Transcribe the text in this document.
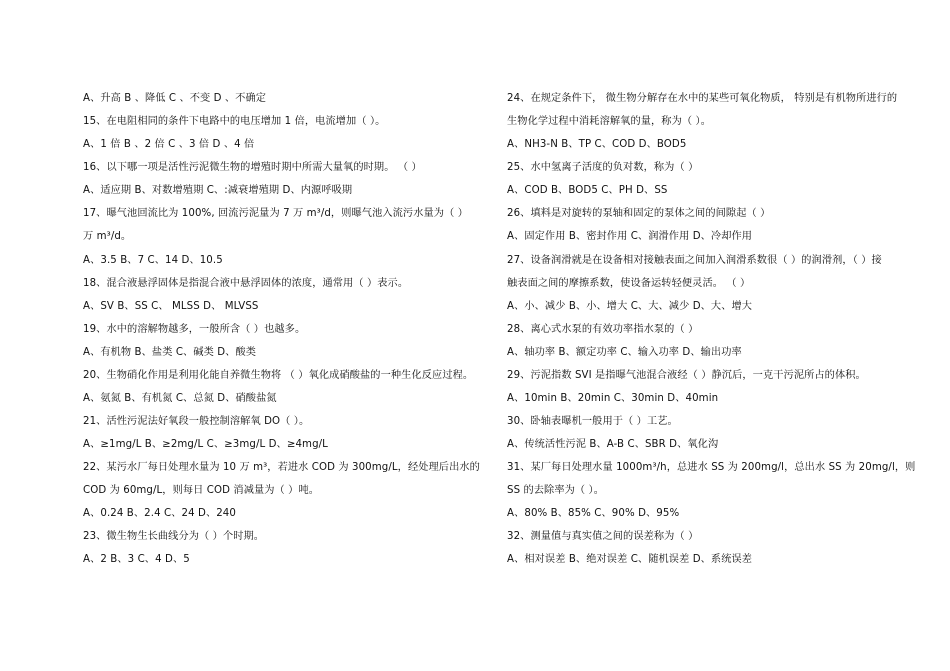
A、升高 B 、降低 C 、不变 D 、不确定
15、在电阻相同的条件下电路中的电压增加 1 倍，电流增加（ ）。
A、1 倍 B 、2 倍 C 、3 倍 D 、4 倍
16、以下哪一项是活性污泥微生物的增殖时期中所需大量氧的时期。 （ ）
A、适应期 B、对数增殖期 C、:减衰增殖期 D、内源呼吸期
17、曝气池回流比为 100%, 回流污泥量为 7 万 m³/d，则曝气池入流污水量为（ ）
万 m³/d。
A、3.5 B、7 C、14 D、10.5
18、混合液悬浮固体是指混合液中悬浮固体的浓度，通常用（ ）表示。
A、SV B、SS C、 MLSS D、 MLVSS
19、水中的溶解物越多，一般所含（ ）也越多。
A、有机物 B、盐类 C、碱类 D、酸类
20、生物硝化作用是利用化能自养微生物将 （ ）氧化成硝酸盐的一种生化反应过程。
A、氨氮 B、有机氮 C、总氮 D、硝酸盐氮
21、活性污泥法好氧段一般控制溶解氧 DO（ ）。
A、≥1mg/L B、≥2mg/L C、≥3mg/L D、≥4mg/L
22、某污水厂每日处理水量为 10 万 m³，若进水 COD 为 300mg/L，经处理后出水的
COD 为 60mg/L，则每日 COD 消减量为（ ）吨。
A、0.24 B、2.4 C、24 D、240
23、微生物生长曲线分为（ ）个时期。
A、2 B、3 C、4 D、5
24、在规定条件下， 微生物分解存在水中的某些可氧化物质， 特别是有机物所进行的
生物化学过程中消耗溶解氧的量，称为（ ）。
A、NH3-N B、TP C、COD D、BOD5
25、水中氢离子活度的负对数，称为（ ）
A、COD B、BOD5 C、PH D、SS
26、填料是对旋转的泵轴和固定的泵体之间的间隙起（ ）
A、固定作用 B、密封作用 C、润滑作用 D、冷却作用
27、设备润滑就是在设备相对接触表面之间加入润滑系数很（ ）的润滑剂，（ ）接
触表面之间的摩擦系数，使设备运转轻便灵活。 （ ）
A、小、减少 B、小、增大 C、大、减少 D、大、增大
28、离心式水泵的有效功率指水泵的（ ）
A、轴功率 B、额定功率 C、输入功率 D、输出功率
29、污泥指数 SVI 是指曝气池混合液经（ ）静沉后，一克干污泥所占的体积。
A、10min B、20min C、30min D、40min
30、卧轴表曝机一般用于（ ）工艺。
A、传统活性污泥 B、A-B C、SBR D、氧化沟
31、某厂每日处理水量 1000m³/h，总进水 SS 为 200mg/l，总出水 SS 为 20mg/l，则
SS 的去除率为（ ）。
A、80% B、85% C、90% D、95%
32、测量值与真实值之间的误差称为（ ）
A、相对误差 B、绝对误差 C、随机误差 D、系统误差
